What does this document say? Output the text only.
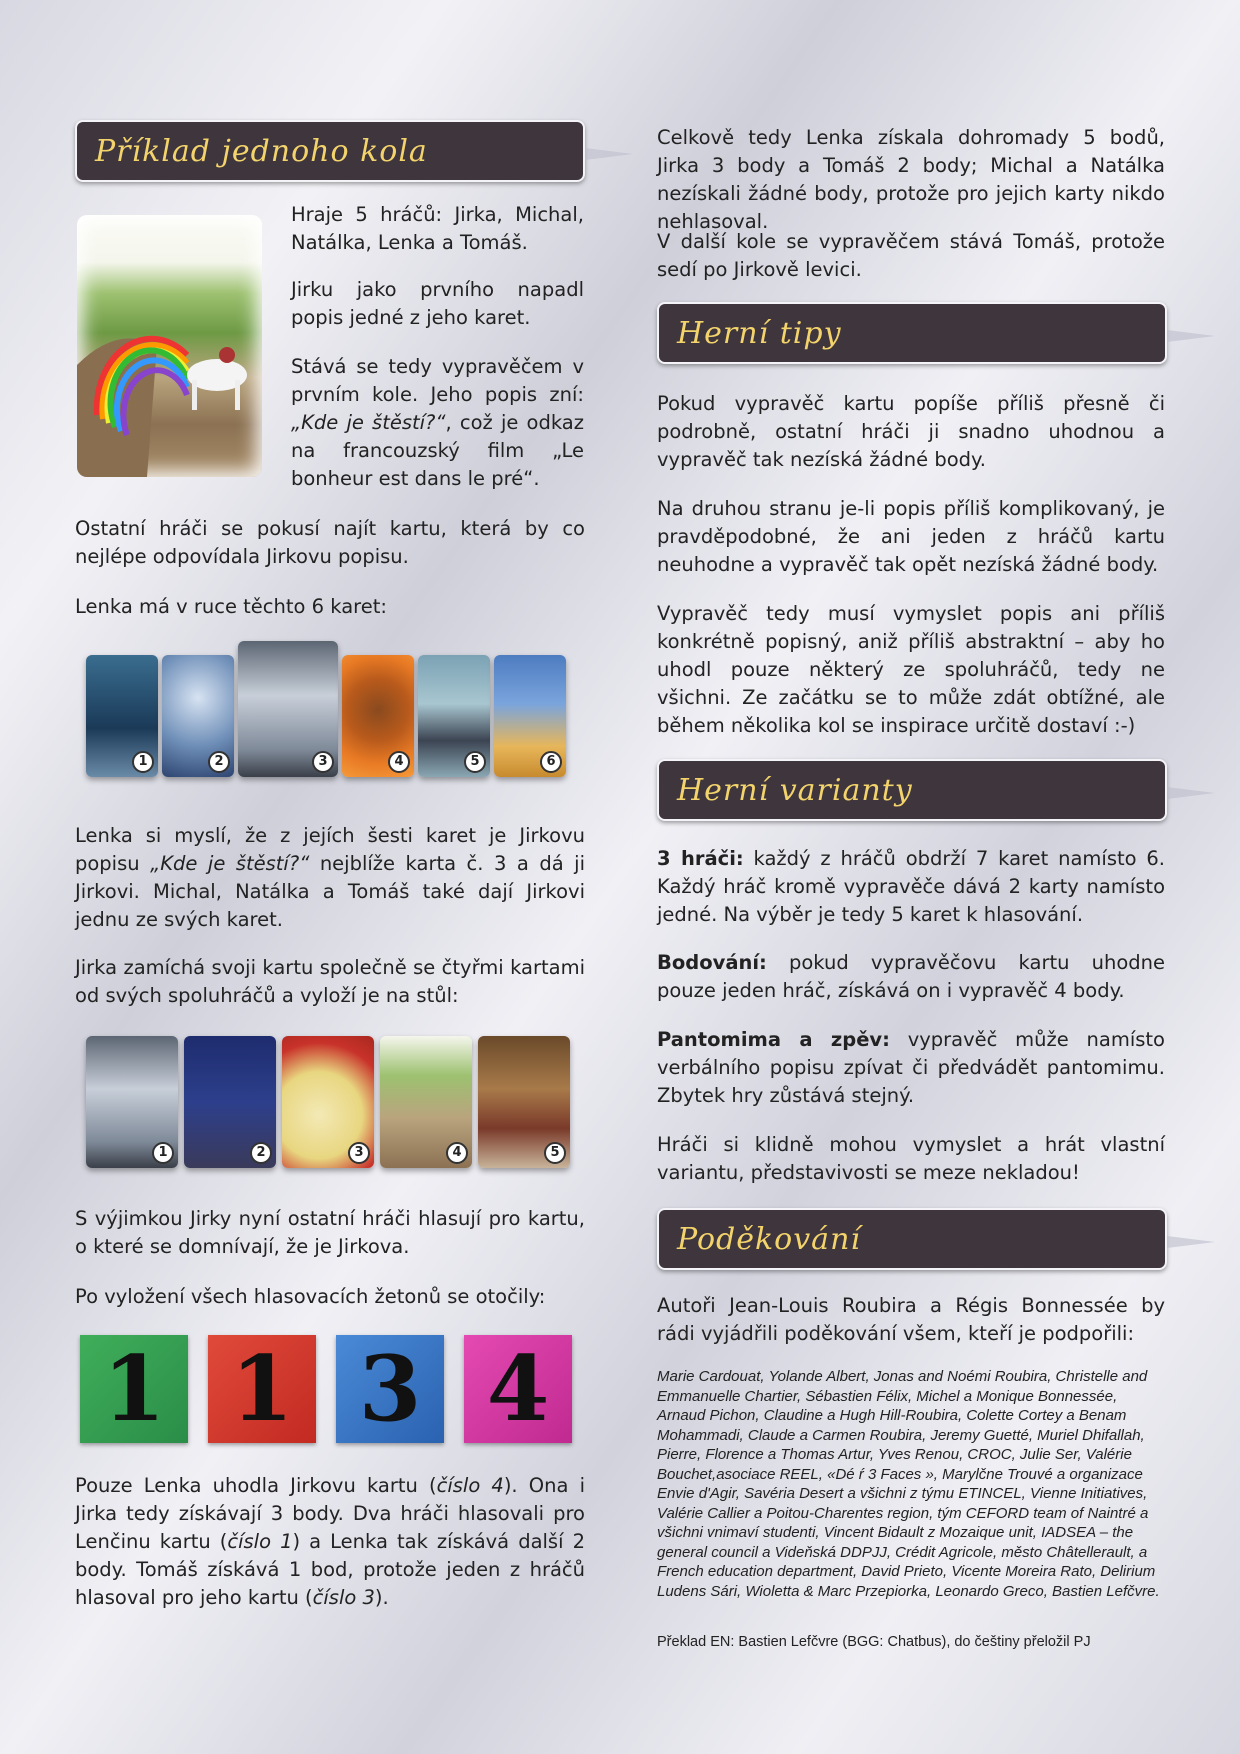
Příklad jednoho kola

Hraje 5 hráčů: Jirka, Michal, Natálka, Lenka a Tomáš.

Jirku jako prvního napadl popis jedné z jeho karet.

Stává se tedy vypravěčem v prvním kole. Jeho popis zní: „Kde je štěstí?“, což je odkaz na francouzský film „Le bonheur est dans le pré“.

Ostatní hráči se pokusí najít kartu, která by co nejlépe odpovídala Jirkovu popisu.

Lenka má v ruce těchto 6 karet:

1	2	3	4	5	6

Lenka si myslí, že z jejích šesti karet je Jirkovu popisu „Kde je štěstí?“ nejblíže karta č. 3 a dá ji Jirkovi. Michal, Natálka a Tomáš také dají Jirkovi jednu ze svých karet.

Jirka zamíchá svoji kartu společně se čtyřmi kartami od svých spoluhráčů a vyloží je na stůl:

1	2	3	4	5

S výjimkou Jirky nyní ostatní hráči hlasují pro kartu, o které se domnívají, že je Jirkova.

Po vyložení všech hlasovacích žetonů se otočily:

1 1 3 4

Pouze Lenka uhodla Jirkovu kartu (číslo 4). Ona i Jirka tedy získávají 3 body. Dva hráči hlasovali pro Lenčinu kartu (číslo 1) a Lenka tak získává další 2 body. Tomáš získává 1 bod, protože jeden z hráčů hlasoval pro jeho kartu (číslo 3).

Celkově tedy Lenka získala dohromady 5 bodů, Jirka 3 body a Tomáš 2 body; Michal a Natálka nezískali žádné body, protože pro jejich karty nikdo nehlasoval.

V další kole se vypravěčem stává Tomáš, protože sedí po Jirkově levici.

Herní tipy

Pokud vypravěč kartu popíše příliš přesně či podrobně, ostatní hráči ji snadno uhodnou a vypravěč tak nezíská žádné body.

Na druhou stranu je-li popis příliš komplikovaný, je pravděpodobné, že ani jeden z hráčů kartu neuhodne a vypravěč tak opět nezíská žádné body.

Vypravěč tedy musí vymyslet popis ani příliš konkrétně popisný, aniž příliš abstraktní – aby ho uhodl pouze některý ze spoluhráčů, tedy ne všichni. Ze začátku se to může zdát obtížné, ale během několika kol se inspirace určitě dostaví :-)

Herní varianty

3 hráči: každý z hráčů obdrží 7 karet namísto 6. Každý hráč kromě vypravěče dává 2 karty namísto jedné. Na výběr je tedy 5 karet k hlasování.

Bodování: pokud vypravěčovu kartu uhodne pouze jeden hráč, získává on i vypravěč 4 body.

Pantomima a zpěv: vypravěč může namísto verbálního popisu zpívat či předvádět pantomimu. Zbytek hry zůstává stejný.

Hráči si klidně mohou vymyslet a hrát vlastní variantu, představivosti se meze nekladou!

Poděkování

Autoři Jean-Louis Roubira a Régis Bonnessée by rádi vyjádřili poděkování všem, kteří je podpořili:

Marie Cardouat, Yolande Albert, Jonas and Noémi Roubira, Christelle and Emmanuelle Chartier, Sébastien Félix, Michel a Monique Bonnessée, Arnaud Pichon, Claudine a Hugh Hill-Roubira, Colette Cortey a Benam Mohammadi, Claude a Carmen Roubira, Jeremy Guetté, Muriel Dhifallah, Pierre, Florence a Thomas Artur, Yves Renou, CROC, Julie Ser, Valérie Bouchet,asociace REEL, «Dé ŕ 3 Faces », Marylčne Trouvé a organizace Envie d'Agir, Savéria Desert a všichni z týmu ETINCEL, Vienne Initiatives, Valérie Callier a Poitou-Charentes region, tým CEFORD team of Naintré a všichni vnimaví studenti, Vincent Bidault z Mozaique unit, IADSEA – the general council a Videňská DDPJJ, Crédit Agricole, město Châtellerault, a French education department, David Prieto, Vicente Moreira Rato, Delirium Ludens Sári, Wioletta & Marc Przepiorka, Leonardo Greco, Bastien Lefčvre.
Překlad EN: Bastien Lefčvre (BGG: Chatbus), do češtiny přeložil PJ
